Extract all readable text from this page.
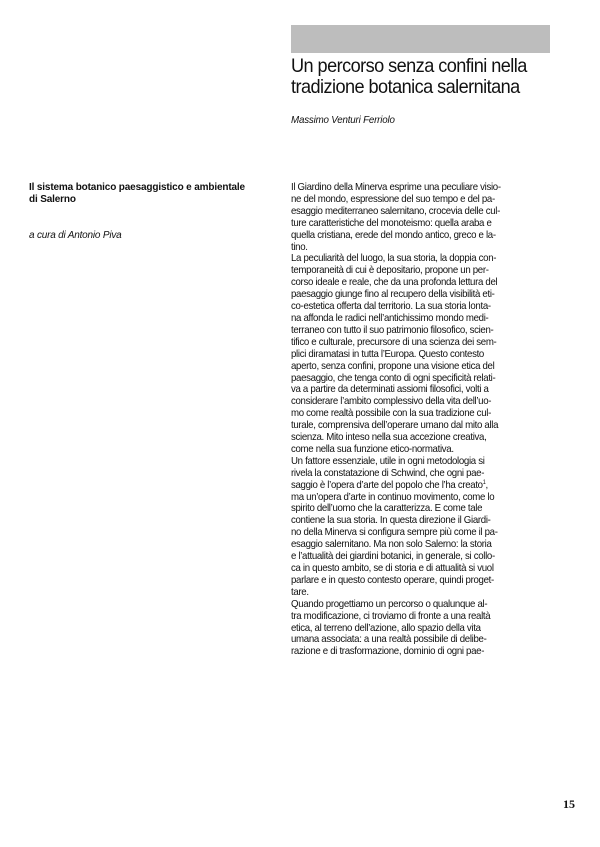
Un percorso senza confini nella
tradizione botanica salernitana
Massimo Venturi Ferriolo
Il sistema botanico paesaggistico e ambientale
di Salerno
a cura di Antonio Piva
Il Giardino della Minerva esprime una peculiare visio-
ne del mondo, espressione del suo tempo e del pa-
esaggio mediterraneo salernitano, crocevia delle cul-
ture caratteristiche del monoteismo: quella araba e
quella cristiana, erede del mondo antico, greco e la-
tino.
La peculiarità del luogo, la sua storia, la doppia con-
temporaneità di cui è depositario, propone un per-
corso ideale e reale, che da una profonda lettura del
paesaggio giunge fino al recupero della visibilità eti-
co-estetica offerta dal territorio. La sua storia lonta-
na affonda le radici nell’antichissimo mondo medi-
terraneo con tutto il suo patrimonio filosofico, scien-
tifico e culturale, precursore di una scienza dei sem-
plici diramatasi in tutta l’Europa. Questo contesto
aperto, senza confini, propone una visione etica del
paesaggio, che tenga conto di ogni specificità relati-
va a partire da determinati assiomi filosofici, volti a
considerare l’ambito complessivo della vita dell’uo-
mo come realtà possibile con la sua tradizione cul-
turale, comprensiva dell’operare umano dal mito alla
scienza. Mito inteso nella sua accezione creativa,
come nella sua funzione etico-normativa.
Un fattore essenziale, utile in ogni metodologia si
rivela la constatazione di Schwind, che ogni pae-
saggio è l’opera d’arte del popolo che l’ha creato$^1$,
ma un’opera d’arte in continuo movimento, come lo
spirito dell’uomo che la caratterizza. E come tale
contiene la sua storia. In questa direzione il Giardi-
no della Minerva si configura sempre più come il pa-
esaggio salernitano. Ma non solo Salerno: la storia
e l’attualità dei giardini botanici, in generale, si collo-
ca in questo ambito, se di storia e di attualità si vuol
parlare e in questo contesto operare, quindi proget-
tare.
Quando progettiamo un percorso o qualunque al-
tra modificazione, ci troviamo di fronte a una realtà
etica, al terreno dell’azione, allo spazio della vita
umana associata: a una realtà possibile di delibe-
razione e di trasformazione, dominio di ogni pae-
15
